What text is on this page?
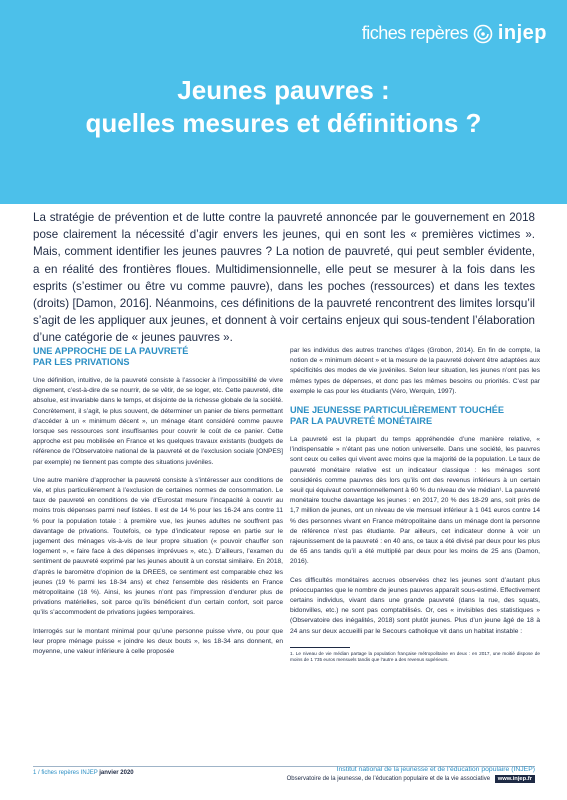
fiches repères injep
Jeunes pauvres :
quelles mesures et définitions ?

La stratégie de prévention et de lutte contre la pauvreté annoncée par le gouvernement en 2018 pose clairement la nécessité d’agir envers les jeunes, qui en sont les « premières victimes ». Mais, comment identifier les jeunes pauvres ? La notion de pauvreté, qui peut sembler évidente, a en réalité des frontières floues. Multidimensionnelle, elle peut se mesurer à la fois dans les esprits (s’estimer ou être vu comme pauvre), dans les poches (ressources) et dans les textes (droits) [Damon, 2016]. Néanmoins, ces définitions de la pauvreté rencontrent des limites lorsqu’il s’agit de les appliquer aux jeunes, et donnent à voir certains enjeux qui sous-tendent l’élaboration d’une catégorie de « jeunes pauvres ».

UNE APPROCHE DE LA PAUVRETÉ
PAR LES PRIVATIONS

Une définition, intuitive, de la pauvreté consiste à l’associer à l’impossibilité de vivre dignement, c’est-à-dire de se nourrir, de se vêtir, de se loger, etc. Cette pauvreté, dite absolue, est invariable dans le temps, et disjointe de la richesse globale de la société. Concrètement, il s’agit, le plus souvent, de déterminer un panier de biens permettant d’accéder à un « minimum décent », un ménage étant considéré comme pauvre lorsque ses ressources sont insuffisantes pour couvrir le coût de ce panier. Cette approche est peu mobilisée en France et les quelques travaux existants (budgets de référence de l’Observatoire national de la pauvreté et de l’exclusion sociale [ONPES] par exemple) ne tiennent pas compte des situations juvéniles.

Une autre manière d’approcher la pauvreté consiste à s’intéresser aux conditions de vie, et plus particulièrement à l’exclusion de certaines normes de consommation. Le taux de pauvreté en conditions de vie d’Eurostat mesure l’incapacité à couvrir au moins trois dépenses parmi neuf listées. Il est de 14 % pour les 16-24 ans contre 11 % pour la population totale : à première vue, les jeunes adultes ne souffrent pas davantage de privations. Toutefois, ce type d’indicateur repose en partie sur le jugement des ménages vis-à-vis de leur propre situation (« pouvoir chauffer son logement », « faire face à des dépenses imprévues », etc.). D’ailleurs, l’examen du sentiment de pauvreté exprimé par les jeunes aboutit à un constat similaire. En 2018, d’après le baromètre d’opinion de la DREES, ce sentiment est comparable chez les jeunes (19 % parmi les 18-34 ans) et chez l’ensemble des résidents en France métropolitaine (18 %). Ainsi, les jeunes n’ont pas l’impression d’endurer plus de privations matérielles, soit parce qu’ils bénéficient d’un certain confort, soit parce qu’ils s’accommodent de privations jugées temporaires.

Interrogés sur le montant minimal pour qu’une personne puisse vivre, ou pour que leur propre ménage puisse « joindre les deux bouts », les 18-34 ans donnent, en moyenne, une valeur inférieure à celle proposée

par les individus des autres tranches d’âges (Grobon, 2014). En fin de compte, la notion de « minimum décent » et la mesure de la pauvreté doivent être adaptées aux spécificités des modes de vie juvéniles. Selon leur situation, les jeunes n’ont pas les mêmes types de dépenses, et donc pas les mêmes besoins ou priorités. C’est par exemple le cas pour les étudiants (Véro, Werquin, 1997).

UNE JEUNESSE PARTICULIÈREMENT TOUCHÉE
PAR LA PAUVRETÉ MONÉTAIRE

La pauvreté est la plupart du temps appréhendée d’une manière relative, « l’indispensable » n’étant pas une notion universelle. Dans une société, les pauvres sont ceux ou celles qui vivent avec moins que la majorité de la population. Le taux de pauvreté monétaire relative est un indicateur classique : les ménages sont considérés comme pauvres dès lors qu’ils ont des revenus inférieurs à un certain seuil qui équivaut conventionnellement à 60 % du niveau de vie médian¹. La pauvreté monétaire touche davantage les jeunes : en 2017, 20 % des 18-29 ans, soit près de 1,7 million de jeunes, ont un niveau de vie mensuel inférieur à 1 041 euros contre 14 % des personnes vivant en France métropolitaine dans un ménage dont la personne de référence n’est pas étudiante. Par ailleurs, cet indicateur donne à voir un rajeunissement de la pauvreté : en 40 ans, ce taux a été divisé par deux pour les plus de 65 ans tandis qu’il a été multiplié par deux pour les moins de 25 ans (Damon, 2016).

Ces difficultés monétaires accrues observées chez les jeunes sont d’autant plus préoccupantes que le nombre de jeunes pauvres apparaît sous-estimé. Effectivement certains individus, vivant dans une grande pauvreté (dans la rue, des squats, bidonvilles, etc.) ne sont pas comptabilisés. Or, ces « invisibles des statistiques » (Observatoire des inégalités, 2018) sont plutôt jeunes. Plus d’un jeune âgé de 18 à 24 ans sur deux accueilli par le Secours catholique vit dans un habitat instable :

1. Le niveau de vie médian partage la population française métropolitaine en deux : en 2017, une moitié dispose de moins de 1 735 euros mensuels tandis que l’autre a des revenus supérieurs.

1 / fiches repères INJEP janvier 2020	Institut national de la jeunesse et de l’éducation populaire (INJEP)
Observatoire de la jeunesse, de l’éducation populaire et de la vie associative www.injep.fr
